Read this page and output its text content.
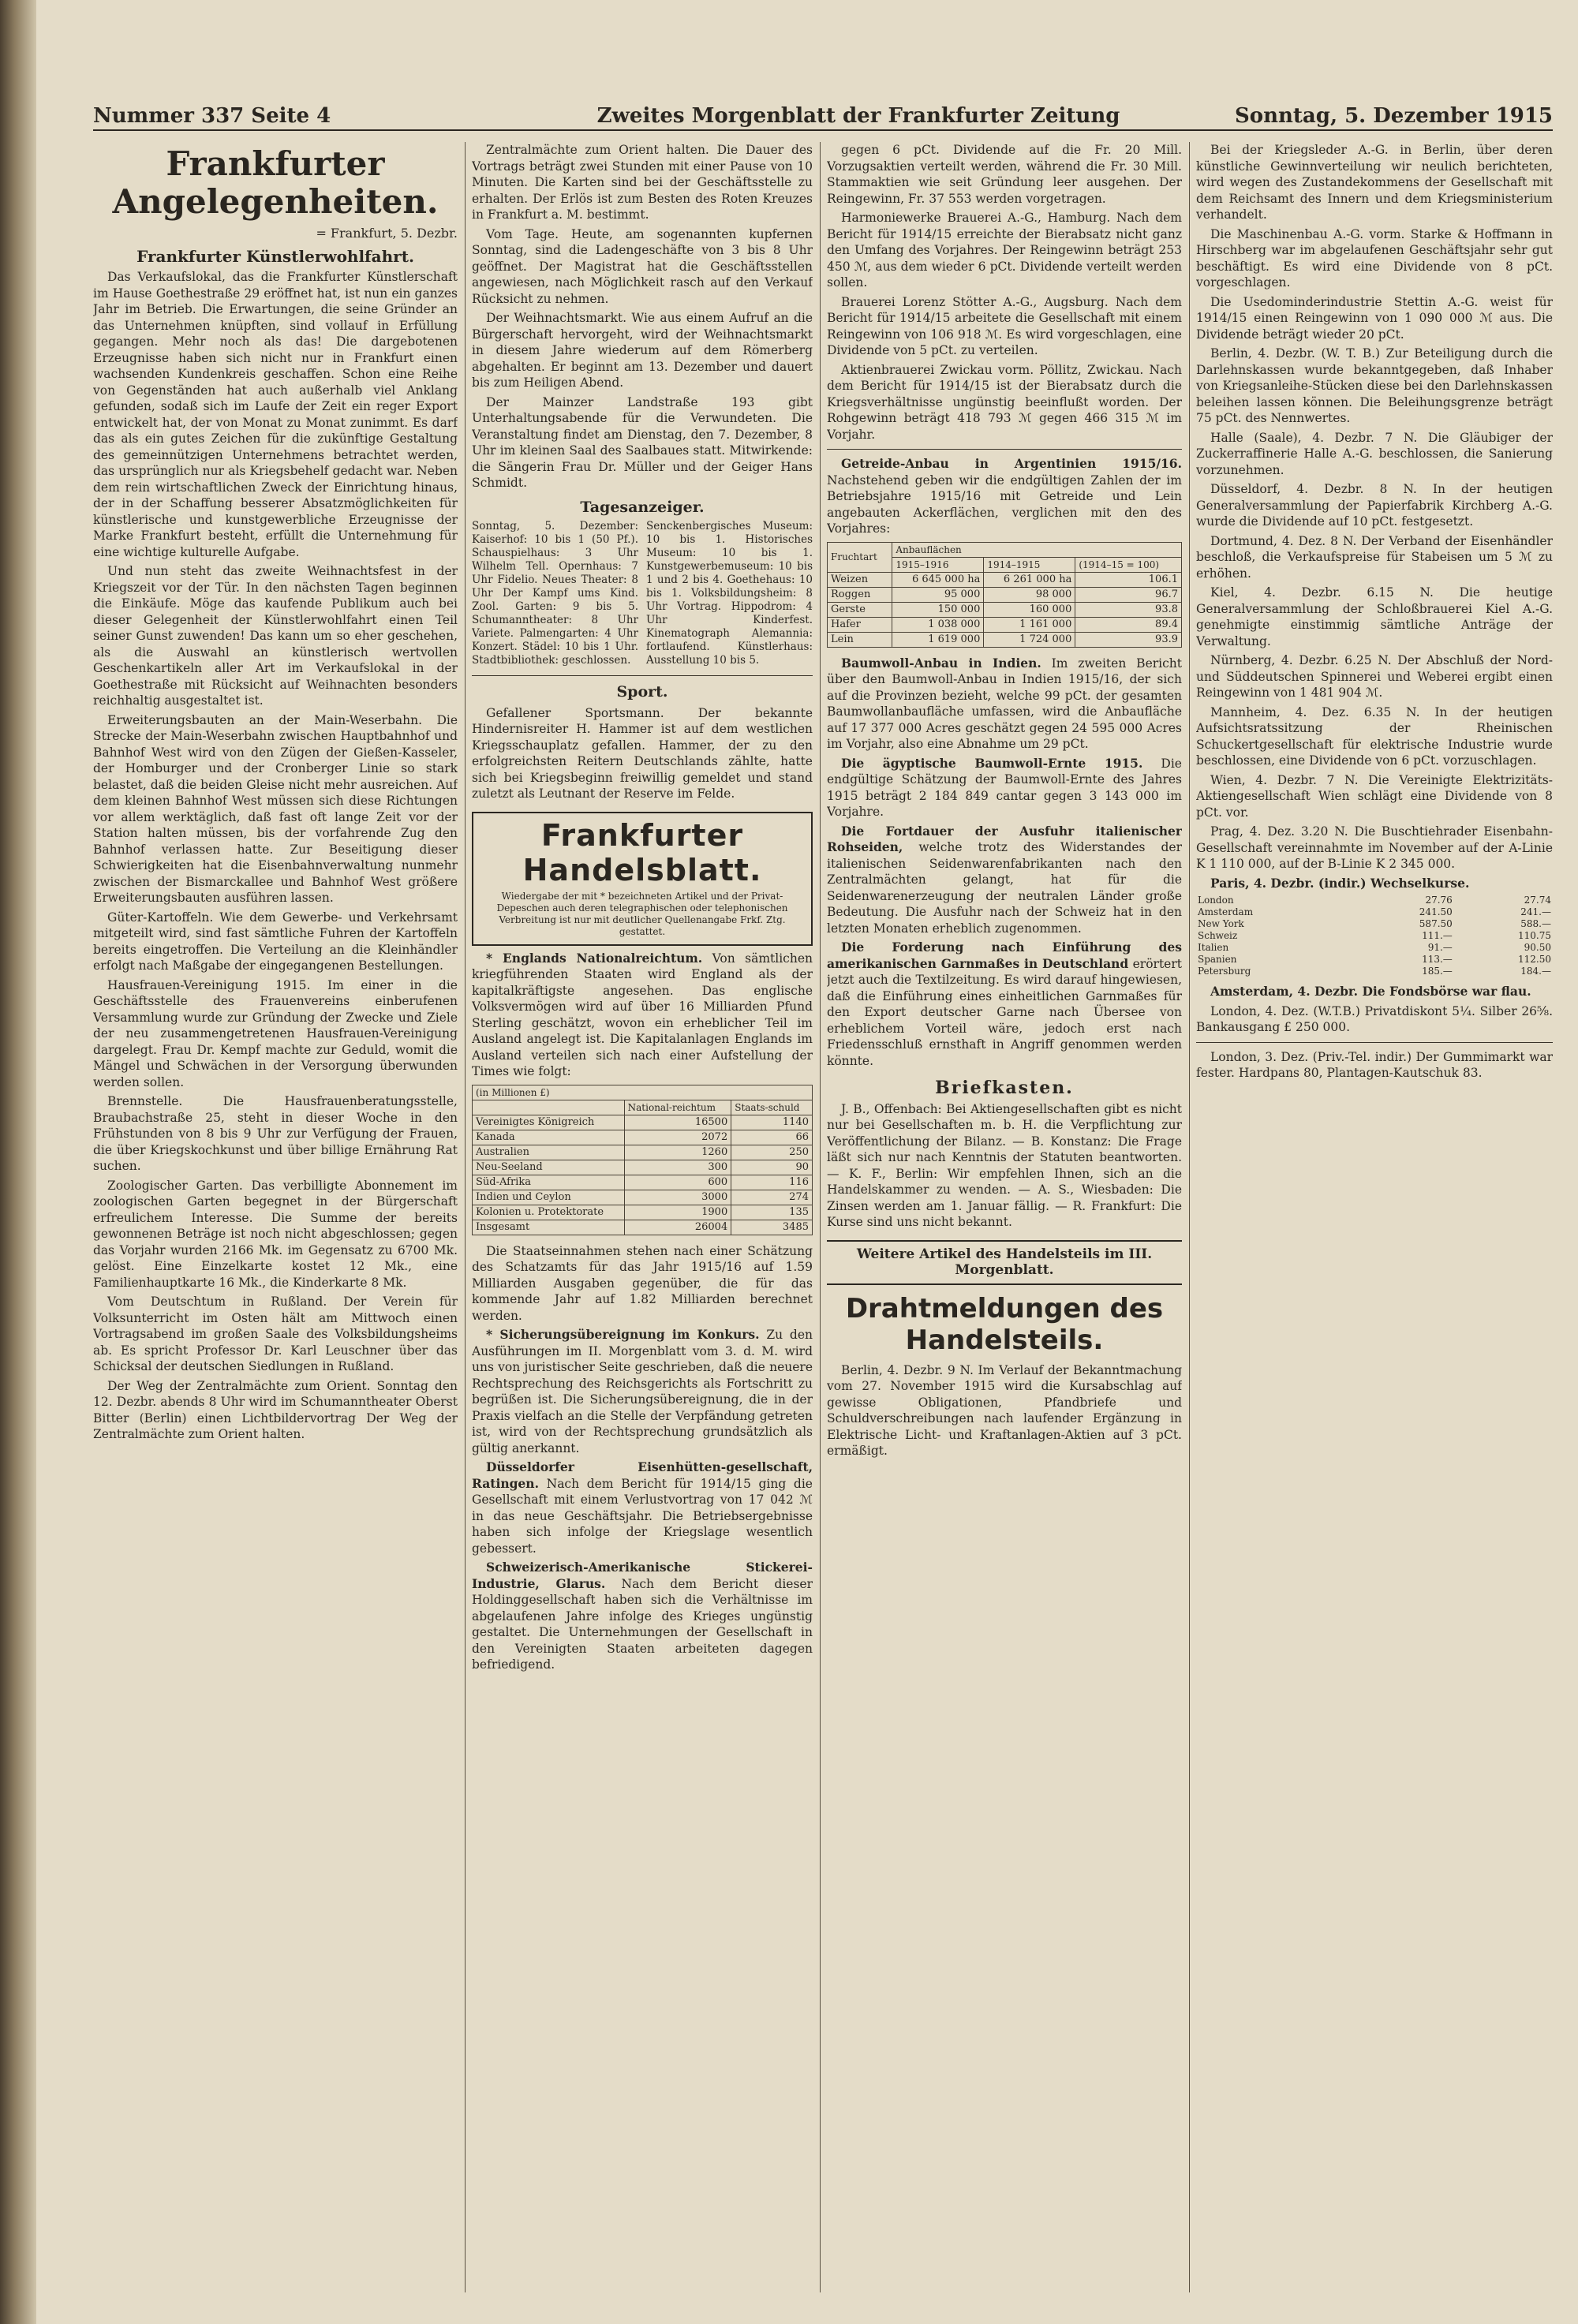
Nummer 337 Seite 4	Zweites Morgenblatt der Frankfurter Zeitung	Sonntag, 5. Dezember 1915
Frankfurter Angelegenheiten.
= Frankfurt, 5. Dezbr.
Frankfurter Künstlerwohlfahrt.

Das Verkaufslokal, das die Frankfurter Künstlerschaft im Hause Goethestraße 29 eröffnet hat, ist nun ein ganzes Jahr im Betrieb. Die Erwartungen, die seine Gründer an das Unternehmen knüpften, sind vollauf in Erfüllung gegangen. Mehr noch als das! Die dargebotenen Erzeugnisse haben sich nicht nur in Frankfurt einen wachsenden Kundenkreis geschaffen. Schon eine Reihe von Gegenständen hat auch außerhalb viel Anklang gefunden, sodaß sich im Laufe der Zeit ein reger Export entwickelt hat, der von Monat zu Monat zunimmt. Es darf das als ein gutes Zeichen für die zukünftige Gestaltung des gemeinnützigen Unternehmens betrachtet werden, das ursprünglich nur als Kriegsbehelf gedacht war. Neben dem rein wirtschaftlichen Zweck der Einrichtung hinaus, der in der Schaffung besserer Absatzmöglichkeiten für künstlerische und kunstgewerbliche Erzeugnisse der Marke Frankfurt besteht, erfüllt die Unternehmung für eine wichtige kulturelle Aufgabe.

Und nun steht das zweite Weihnachtsfest in der Kriegszeit vor der Tür. In den nächsten Tagen beginnen die Einkäufe. Möge das kaufende Publikum auch bei dieser Gelegenheit der Künstlerwohlfahrt einen Teil seiner Gunst zuwenden! Das kann um so eher geschehen, als die Auswahl an künstlerisch wertvollen Geschenkartikeln aller Art im Verkaufslokal in der Goethestraße mit Rücksicht auf Weihnachten besonders reichhaltig ausgestaltet ist.

Erweiterungsbauten an der Main-Weserbahn. Die Strecke der Main-Weserbahn zwischen Hauptbahnhof und Bahnhof West wird von den Zügen der Gießen-Kasseler, der Homburger und der Cronberger Linie so stark belastet, daß die beiden Gleise nicht mehr ausreichen. Auf dem kleinen Bahnhof West müssen sich diese Richtungen vor allem werktäglich, daß fast oft lange Zeit vor der Station halten müssen, bis der vorfahrende Zug den Bahnhof verlassen hatte. Zur Beseitigung dieser Schwierigkeiten hat die Eisenbahnverwaltung nunmehr zwischen der Bismarckallee und Bahnhof West größere Erweiterungsbauten ausführen lassen.

Güter-Kartoffeln. Wie dem Gewerbe- und Verkehrsamt mitgeteilt wird, sind fast sämtliche Fuhren der Kartoffeln bereits eingetroffen. Die Verteilung an die Kleinhändler erfolgt nach Maßgabe der eingegangenen Bestellungen.

Hausfrauen-Vereinigung 1915. Im einer in die Geschäftsstelle des Frauenvereins einberufenen Versammlung wurde zur Gründung der Zwecke und Ziele der neu zusammengetretenen Hausfrauen-Vereinigung dargelegt. Frau Dr. Kempf machte zur Geduld, womit die Mängel und Schwächen in der Versorgung überwunden werden sollen.

Brennstelle. Die Hausfrauenberatungsstelle, Braubachstraße 25, steht in dieser Woche in den Frühstunden von 8 bis 9 Uhr zur Verfügung der Frauen, die über Kriegskochkunst und über billige Ernährung Rat suchen.

Zoologischer Garten. Das verbilligte Abonnement im zoologischen Garten begegnet in der Bürgerschaft erfreulichem Interesse. Die Summe der bereits gewonnenen Beträge ist noch nicht abgeschlossen; gegen das Vorjahr wurden 2166 Mk. im Gegensatz zu 6700 Mk. gelöst. Eine Einzelkarte kostet 12 Mk., eine Familienhauptkarte 16 Mk., die Kinderkarte 8 Mk.

Vom Deutschtum in Rußland. Der Verein für Volksunterricht im Osten hält am Mittwoch einen Vortragsabend im großen Saale des Volksbildungsheims ab. Es spricht Professor Dr. Karl Leuschner über das Schicksal der deutschen Siedlungen in Rußland.

Der Weg der Zentralmächte zum Orient. Sonntag den 12. Dezbr. abends 8 Uhr wird im Schumanntheater Oberst Bitter (Berlin) einen Lichtbildervortrag Der Weg der Zentralmächte zum Orient halten.

Zentralmächte zum Orient halten. Die Dauer des Vortrags beträgt zwei Stunden mit einer Pause von 10 Minuten. Die Karten sind bei der Geschäftsstelle zu erhalten. Der Erlös ist zum Besten des Roten Kreuzes in Frankfurt a. M. bestimmt.

Vom Tage. Heute, am sogenannten kupfernen Sonntag, sind die Ladengeschäfte von 3 bis 8 Uhr geöffnet. Der Magistrat hat die Geschäftsstellen angewiesen, nach Möglichkeit rasch auf den Verkauf Rücksicht zu nehmen.

Der Weihnachtsmarkt. Wie aus einem Aufruf an die Bürgerschaft hervorgeht, wird der Weihnachtsmarkt in diesem Jahre wiederum auf dem Römerberg abgehalten. Er beginnt am 13. Dezember und dauert bis zum Heiligen Abend.

Der Mainzer Landstraße 193 gibt Unterhaltungsabende für die Verwundeten. Die Veranstaltung findet am Dienstag, den 7. Dezember, 8 Uhr im kleinen Saal des Saalbaues statt. Mitwirkende: die Sängerin Frau Dr. Müller und der Geiger Hans Schmidt.

Tagesanzeiger.
Sonntag, 5. Dezember: Kaiserhof: 10 bis 1 (50 Pf.). Schauspielhaus: 3 Uhr Wilhelm Tell. Opernhaus: 7 Uhr Fidelio. Neues Theater: 8 Uhr Der Kampf ums Kind. Zool. Garten: 9 bis 5. Schumanntheater: 8 Uhr Variete. Palmengarten: 4 Uhr Konzert. Städel: 10 bis 1 Uhr. Stadtbibliothek: geschlossen.
Senckenbergisches Museum: 10 bis 1. Historisches Museum: 10 bis 1. Kunstgewerbemuseum: 10 bis 1 und 2 bis 4. Goethehaus: 10 bis 1. Volksbildungsheim: 8 Uhr Vortrag. Hippodrom: 4 Uhr Kinderfest. Kinematograph Alemannia: fortlaufend. Künstlerhaus: Ausstellung 10 bis 5.
Sport.

Gefallener Sportsmann. Der bekannte Hindernisreiter H. Hammer ist auf dem westlichen Kriegsschauplatz gefallen. Hammer, der zu den erfolgreichsten Reitern Deutschlands zählte, hatte sich bei Kriegsbeginn freiwillig gemeldet und stand zuletzt als Leutnant der Reserve im Felde.

Frankfurter Handelsblatt.
Wiedergabe der mit * bezeichneten Artikel und der Privat-Depeschen auch deren telegraphischen oder telephonischen Verbreitung ist nur mit deutlicher Quellenangabe Frkf. Ztg. gestattet.

* Englands Nationalreichtum. Von sämtlichen kriegführenden Staaten wird England als der kapitalkräftigste angesehen. Das englische Volksvermögen wird auf über 16 Milliarden Pfund Sterling geschätzt, wovon ein erheblicher Teil im Ausland angelegt ist. Die Kapitalanlagen Englands im Ausland verteilen sich nach einer Aufstellung der Times wie folgt:

(in Millionen £)		
	National-reichtum	Staats-schuld
Vereinigtes Königreich	16500	1140
Kanada	2072	66
Australien	1260	250
Neu-Seeland	300	90
Süd-Afrika	600	116
Indien und Ceylon	3000	274
Kolonien u. Protektorate	1900	135
Insgesamt	26004	3485

Die Staatseinnahmen stehen nach einer Schätzung des Schatzamts für das Jahr 1915/16 auf 1.59 Milliarden Ausgaben gegenüber, die für das kommende Jahr auf 1.82 Milliarden berechnet werden.

* Sicherungsübereignung im Konkurs. Zu den Ausführungen im II. Morgenblatt vom 3. d. M. wird uns von juristischer Seite geschrieben, daß die neuere Rechtsprechung des Reichsgerichts als Fortschritt zu begrüßen ist. Die Sicherungsübereignung, die in der Praxis vielfach an die Stelle der Verpfändung getreten ist, wird von der Rechtsprechung grundsätzlich als gültig anerkannt.

Düsseldorfer Eisenhütten-gesellschaft, Ratingen. Nach dem Bericht für 1914/15 ging die Gesellschaft mit einem Verlustvortrag von 17 042 ℳ in das neue Geschäftsjahr. Die Betriebsergebnisse haben sich infolge der Kriegslage wesentlich gebessert.

Schweizerisch-Amerikanische Stickerei-Industrie, Glarus. Nach dem Bericht dieser Holdinggesellschaft haben sich die Verhältnisse im abgelaufenen Jahre infolge des Krieges ungünstig gestaltet. Die Unternehmungen der Gesellschaft in den Vereinigten Staaten arbeiteten dagegen befriedigend.

gegen 6 pCt. Dividende auf die Fr. 20 Mill. Vorzugsaktien verteilt werden, während die Fr. 30 Mill. Stammaktien wie seit Gründung leer ausgehen. Der Reingewinn, Fr. 37 553 werden vorgetragen.

Harmoniewerke Brauerei A.-G., Hamburg. Nach dem Bericht für 1914/15 erreichte der Bierabsatz nicht ganz den Umfang des Vorjahres. Der Reingewinn beträgt 253 450 ℳ, aus dem wieder 6 pCt. Dividende verteilt werden sollen.

Brauerei Lorenz Stötter A.-G., Augsburg. Nach dem Bericht für 1914/15 arbeitete die Gesellschaft mit einem Reingewinn von 106 918 ℳ. Es wird vorgeschlagen, eine Dividende von 5 pCt. zu verteilen.

Aktienbrauerei Zwickau vorm. Pöllitz, Zwickau. Nach dem Bericht für 1914/15 ist der Bierabsatz durch die Kriegsverhältnisse ungünstig beeinflußt worden. Der Rohgewinn beträgt 418 793 ℳ gegen 466 315 ℳ im Vorjahr.

Getreide-Anbau in Argentinien 1915/16. Nachstehend geben wir die endgültigen Zahlen der im Betriebsjahre 1915/16 mit Getreide und Lein angebauten Ackerflächen, verglichen mit den des Vorjahres:

Fruchtart	Anbauflächen		
	1915–1916	1914–1915	(1914–15 = 100)
Weizen	6 645 000 ha	6 261 000 ha	106.1
Roggen	95 000	98 000	96.7
Gerste	150 000	160 000	93.8
Hafer	1 038 000	1 161 000	89.4
Lein	1 619 000	1 724 000	93.9

Baumwoll-Anbau in Indien. Im zweiten Bericht über den Baumwoll-Anbau in Indien 1915/16, der sich auf die Provinzen bezieht, welche 99 pCt. der gesamten Baumwollanbaufläche umfassen, wird die Anbaufläche auf 17 377 000 Acres geschätzt gegen 24 595 000 Acres im Vorjahr, also eine Abnahme um 29 pCt.

Die ägyptische Baumwoll-Ernte 1915. Die endgültige Schätzung der Baumwoll-Ernte des Jahres 1915 beträgt 2 184 849 cantar gegen 3 143 000 im Vorjahre.

Die Fortdauer der Ausfuhr italienischer Rohseiden, welche trotz des Widerstandes der italienischen Seidenwarenfabrikanten nach den Zentralmächten gelangt, hat für die Seidenwarenerzeugung der neutralen Länder große Bedeutung. Die Ausfuhr nach der Schweiz hat in den letzten Monaten erheblich zugenommen.

Die Forderung nach Einführung des amerikanischen Garnmaßes in Deutschland erörtert jetzt auch die Textilzeitung. Es wird darauf hingewiesen, daß die Einführung eines einheitlichen Garnmaßes für den Export deutscher Garne nach Übersee von erheblichem Vorteil wäre, jedoch erst nach Friedensschluß ernsthaft in Angriff genommen werden könnte.

Briefkasten.

J. B., Offenbach: Bei Aktiengesellschaften gibt es nicht nur bei Gesellschaften m. b. H. die Verpflichtung zur Veröffentlichung der Bilanz. — B. Konstanz: Die Frage läßt sich nur nach Kenntnis der Statuten beantworten. — K. F., Berlin: Wir empfehlen Ihnen, sich an die Handelskammer zu wenden. — A. S., Wiesbaden: Die Zinsen werden am 1. Januar fällig. — R. Frankfurt: Die Kurse sind uns nicht bekannt.

Weitere Artikel des Handelsteils im III. Morgenblatt.
Drahtmeldungen des Handelsteils.

Berlin, 4. Dezbr. 9 N. Im Verlauf der Bekanntmachung vom 27. November 1915 wird die Kursabschlag auf gewisse Obligationen, Pfandbriefe und Schuldverschreibungen nach laufender Ergänzung in Elektrische Licht- und Kraftanlagen-Aktien auf 3 pCt. ermäßigt.

Bei der Kriegsleder A.-G. in Berlin, über deren künstliche Gewinnverteilung wir neulich berichteten, wird wegen des Zustandekommens der Gesellschaft mit dem Reichsamt des Innern und dem Kriegsministerium verhandelt.

Die Maschinenbau A.-G. vorm. Starke & Hoffmann in Hirschberg war im abgelaufenen Geschäftsjahr sehr gut beschäftigt. Es wird eine Dividende von 8 pCt. vorgeschlagen.

Die Usedominderindustrie Stettin A.-G. weist für 1914/15 einen Reingewinn von 1 090 000 ℳ aus. Die Dividende beträgt wieder 20 pCt.

Berlin, 4. Dezbr. (W. T. B.) Zur Beteiligung durch die Darlehnskassen wurde bekanntgegeben, daß Inhaber von Kriegsanleihe-Stücken diese bei den Darlehnskassen beleihen lassen können. Die Beleihungsgrenze beträgt 75 pCt. des Nennwertes.

Halle (Saale), 4. Dezbr. 7 N. Die Gläubiger der Zuckerraffinerie Halle A.-G. beschlossen, die Sanierung vorzunehmen.

Düsseldorf, 4. Dezbr. 8 N. In der heutigen Generalversammlung der Papierfabrik Kirchberg A.-G. wurde die Dividende auf 10 pCt. festgesetzt.

Dortmund, 4. Dez. 8 N. Der Verband der Eisenhändler beschloß, die Verkaufspreise für Stabeisen um 5 ℳ zu erhöhen.

Kiel, 4. Dezbr. 6.15 N. Die heutige Generalversammlung der Schloßbrauerei Kiel A.-G. genehmigte einstimmig sämtliche Anträge der Verwaltung.

Nürnberg, 4. Dezbr. 6.25 N. Der Abschluß der Nord- und Süddeutschen Spinnerei und Weberei ergibt einen Reingewinn von 1 481 904 ℳ.

Mannheim, 4. Dez. 6.35 N. In der heutigen Aufsichtsratssitzung der Rheinischen Schuckertgesellschaft für elektrische Industrie wurde beschlossen, eine Dividende von 6 pCt. vorzuschlagen.

Wien, 4. Dezbr. 7 N. Die Vereinigte Elektrizitäts-Aktiengesellschaft Wien schlägt eine Dividende von 8 pCt. vor.

Prag, 4. Dez. 3.20 N. Die Buschtiehrader Eisenbahn-Gesellschaft vereinnahmte im November auf der A-Linie K 1 110 000, auf der B-Linie K 2 345 000.

Paris, 4. Dezbr. (indir.) Wechselkurse.

London	27.76	27.74
Amsterdam	241.50	241.—
New York	587.50	588.—
Schweiz	111.—	110.75
Italien	91.—	90.50
Spanien	113.—	112.50
Petersburg	185.—	184.—

Amsterdam, 4. Dezbr. Die Fondsbörse war flau.

London, 4. Dez. (W.T.B.) Privatdiskont 5¼. Silber 26⅝. Bankausgang £ 250 000.

London, 3. Dez. (Priv.-Tel. indir.) Der Gummimarkt war fester. Hardpans 80, Plantagen-Kautschuk 83.
